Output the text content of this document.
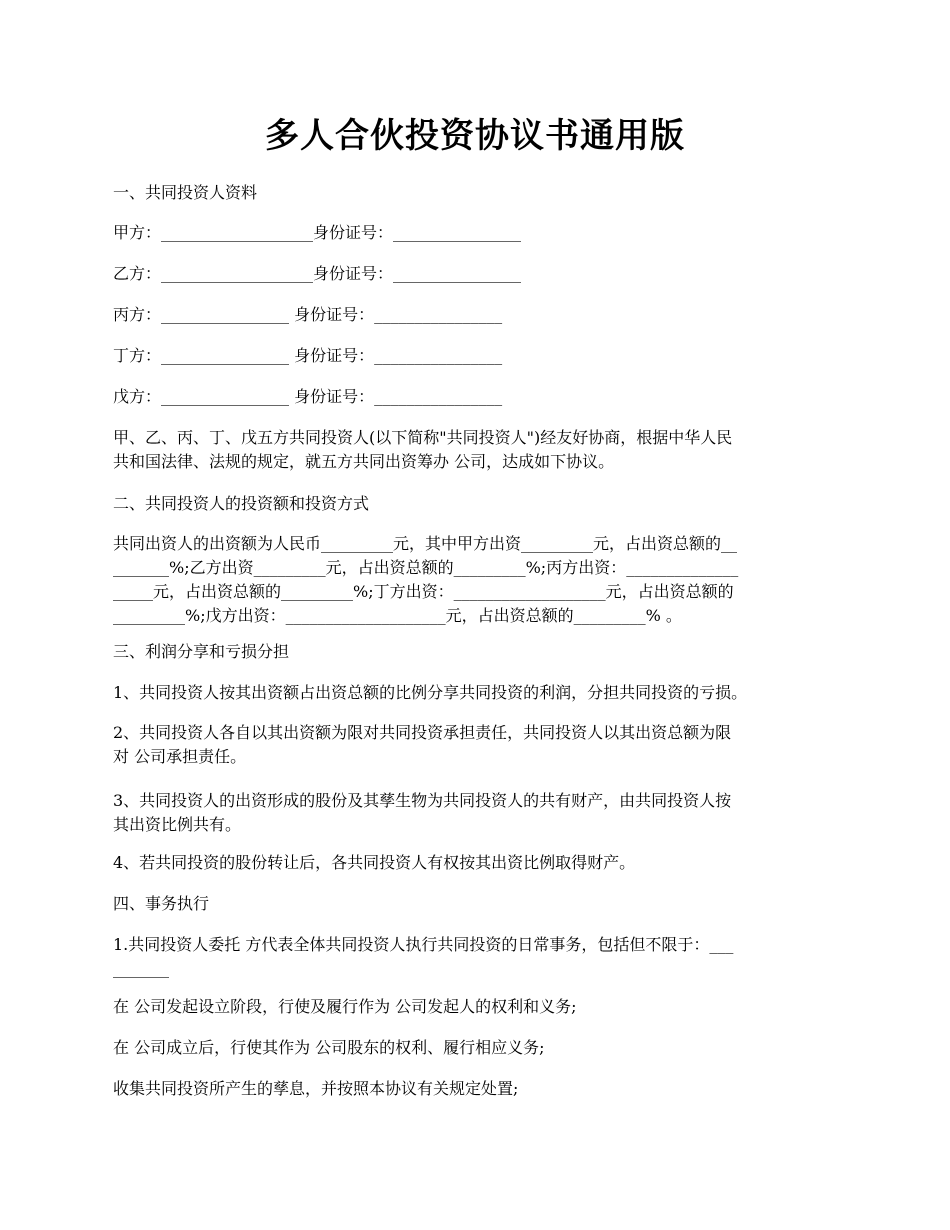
多人合伙投资协议书通用版
一、共同投资人资料
甲方：___________________身份证号：________________
乙方：___________________身份证号：________________
丙方：________________ 身份证号：________________
丁方：________________ 身份证号：________________
戊方：________________ 身份证号：________________
甲、乙、丙、丁、戊五方共同投资人(以下简称"共同投资人")经友好协商，根据中华人民
共和国法律、法规的规定，就五方共同出资筹办 公司，达成如下协议。
二、共同投资人的投资额和投资方式
共同出资人的出资额为人民币_________元，其中甲方出资_________元，占出资总额的__
_______%;乙方出资_________元，占出资总额的_________%;丙方出资：______________
_____元，占出资总额的_________%;丁方出资：___________________元，占出资总额的
_________%;戊方出资：____________________元，占出资总额的_________% 。
三、利润分享和亏损分担
1、共同投资人按其出资额占出资总额的比例分享共同投资的利润，分担共同投资的亏损。
2、共同投资人各自以其出资额为限对共同投资承担责任，共同投资人以其出资总额为限
对 公司承担责任。
3、共同投资人的出资形成的股份及其孳生物为共同投资人的共有财产，由共同投资人按
其出资比例共有。
4、若共同投资的股份转让后，各共同投资人有权按其出资比例取得财产。
四、事务执行
1.共同投资人委托 方代表全体共同投资人执行共同投资的日常事务，包括但不限于：___
_______
在 公司发起设立阶段，行使及履行作为 公司发起人的权利和义务;
在 公司成立后，行使其作为 公司股东的权利、履行相应义务;
收集共同投资所产生的孳息，并按照本协议有关规定处置;
